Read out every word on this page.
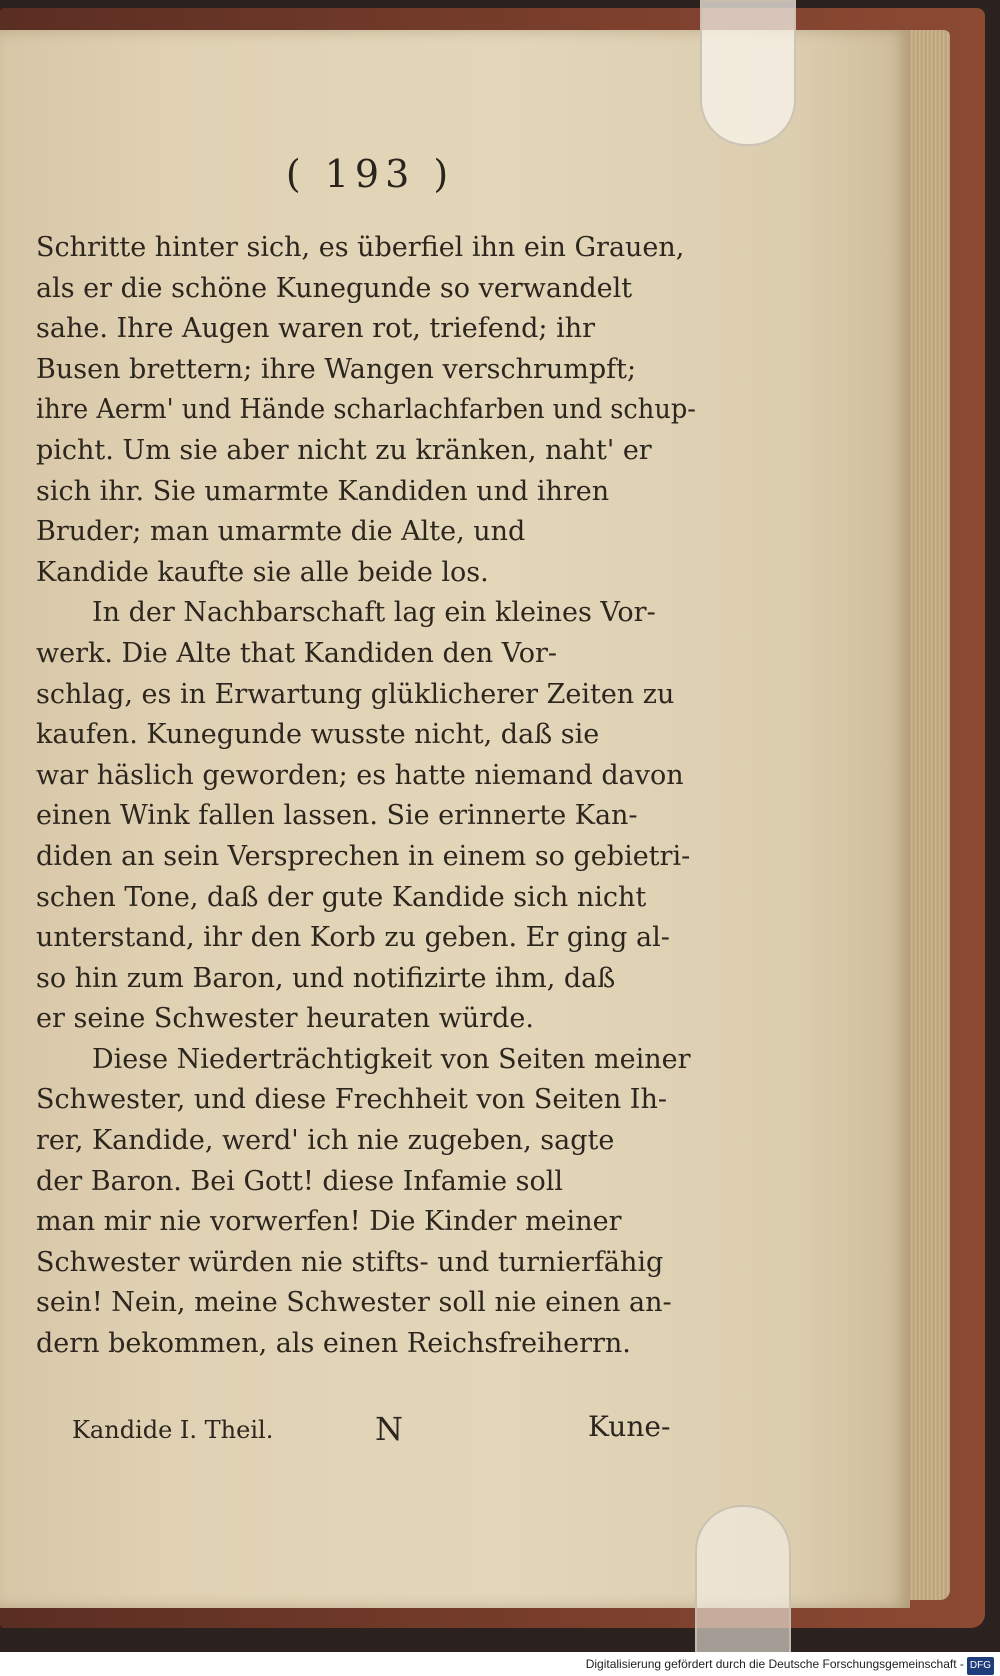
( 193 )
Schritte hinter sich, es überfiel ihn ein Grauen,
als er die schöne Kunegunde so verwandelt
sahe. Ihre Augen waren rot, triefend; ihr
Busen brettern; ihre Wangen verschrumpft;
ihre Aerm' und Hände scharlachfarben und schup-
picht. Um sie aber nicht zu kränken, naht' er
sich ihr. Sie umarmte Kandiden und ihren
Bruder; man umarmte die Alte, und
Kandide kaufte sie alle beide los.
In der Nachbarschaft lag ein kleines Vor-
werk. Die Alte that Kandiden den Vor-
schlag, es in Erwartung glüklicherer Zeiten zu
kaufen. Kunegunde wusste nicht, daß sie
war häslich geworden; es hatte niemand davon
einen Wink fallen lassen. Sie erinnerte Kan-
diden an sein Versprechen in einem so gebietri-
schen Tone, daß der gute Kandide sich nicht
unterstand, ihr den Korb zu geben. Er ging al-
so hin zum Baron, und notifizirte ihm, daß
er seine Schwester heuraten würde.
Diese Niederträchtigkeit von Seiten meiner
Schwester, und diese Frechheit von Seiten Ih-
rer, Kandide, werd' ich nie zugeben, sagte
der Baron. Bei Gott! diese Infamie soll
man mir nie vorwerfen! Die Kinder meiner
Schwester würden nie stifts- und turnierfähig
sein! Nein, meine Schwester soll nie einen an-
dern bekommen, als einen Reichsfreiherrn.
Kandide I. Theil.	N	Kune-
Digitalisierung gefördert durch die Deutsche Forschungsgemeinschaft - DFG
